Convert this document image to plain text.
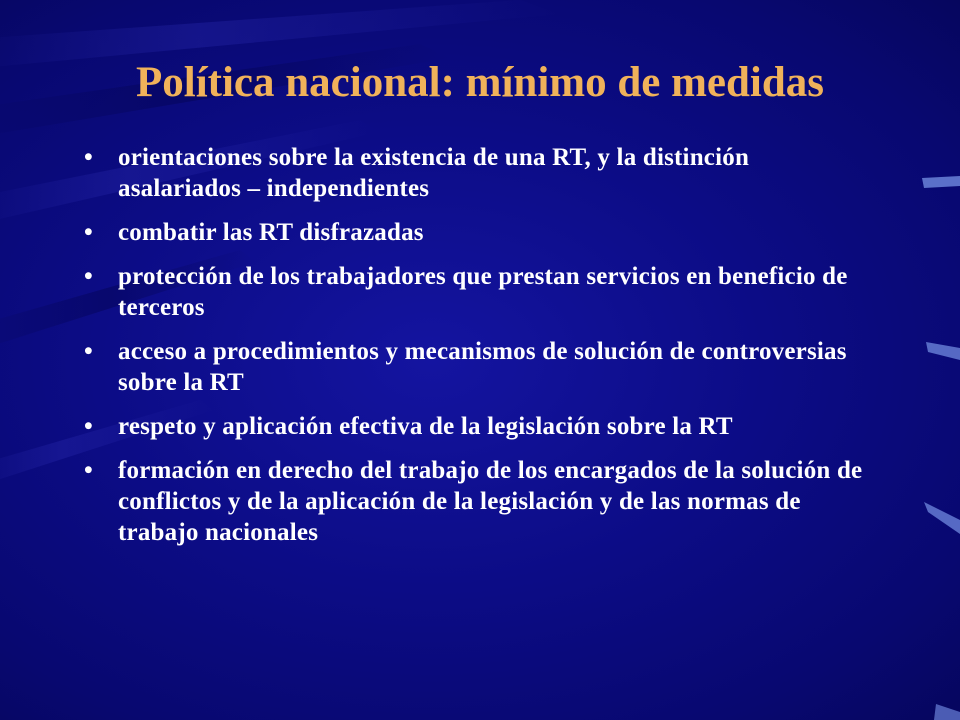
Política nacional: mínimo de medidas
• orientaciones sobre la existencia de una RT, y la distinción asalariados – independientes
• combatir las RT disfrazadas
• protección de los trabajadores que prestan servicios en beneficio de terceros
• acceso a procedimientos y mecanismos de solución de controversias sobre la RT
• respeto y aplicación efectiva de la legislación sobre la RT
• formación en derecho del trabajo de los encargados de la solución de conflictos y de la aplicación de la legislación y de las normas de trabajo nacionales
